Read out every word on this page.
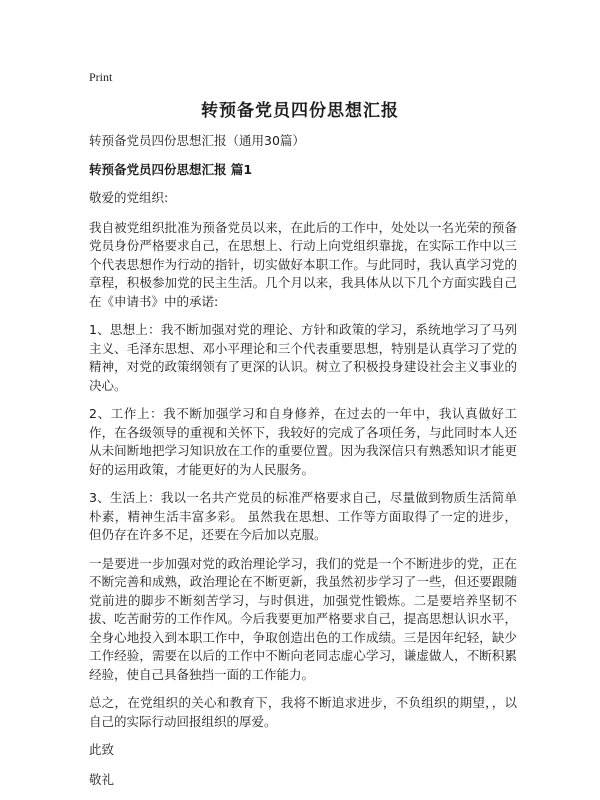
Print
转预备党员四份思想汇报

转预备党员四份思想汇报（通用30篇）

转预备党员四份思想汇报 篇1

敬爱的党组织:

我自被党组织批准为预备党员以来，在此后的工作中，处处以一名光荣的预备党员身份严格要求自己，在思想上、行动上向党组织靠拢，在实际工作中以三个代表思想作为行动的指针，切实做好本职工作。与此同时，我认真学习党的章程，积极参加党的民主生活。几个月以来，我具体从以下几个方面实践自己在《申请书》中的承诺:

1、思想上：我不断加强对党的理论、方针和政策的学习，系统地学习了马列主义、毛泽东思想、邓小平理论和三个代表重要思想，特别是认真学习了党的精神，对党的政策纲领有了更深的认识。树立了积极投身建设社会主义事业的决心。

2、工作上：我不断加强学习和自身修养，在过去的一年中，我认真做好工作，在各级领导的重视和关怀下，我较好的完成了各项任务，与此同时本人还从未间断地把学习知识放在工作的重要位置。因为我深信只有熟悉知识才能更好的运用政策，才能更好的为人民服务。

3、生活上：我以一名共产党员的标准严格要求自己，尽量做到物质生活简单朴素，精神生活丰富多彩。 虽然我在思想、工作等方面取得了一定的进步，但仍存在许多不足，还要在今后加以克服。

一是要进一步加强对党的政治理论学习，我们的党是一个不断进步的党，正在不断完善和成熟，政治理论在不断更新，我虽然初步学习了一些，但还要跟随党前进的脚步不断刻苦学习，与时俱进，加强党性锻炼。二是要培养坚韧不拔、吃苦耐劳的工作作风。今后我要更加严格要求自己，提高思想认识水平，全身心地投入到本职工作中，争取创造出色的工作成绩。三是因年纪轻，缺少工作经验，需要在以后的工作中不断向老同志虚心学习，谦虚做人，不断积累经验，使自己具备独挡一面的工作能力。

总之，在党组织的关心和教育下，我将不断追求进步，不负组织的期望，，以自己的实际行动回报组织的厚爱。

此致

敬礼
